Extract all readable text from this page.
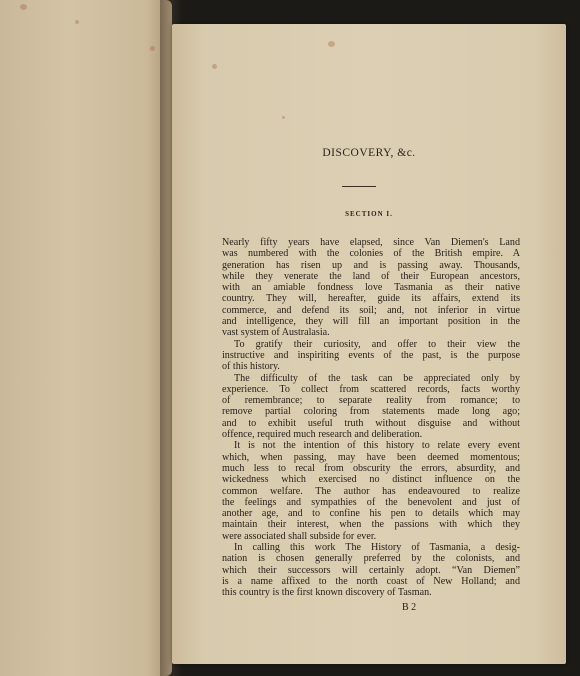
DISCOVERY, &c.
SECTION I.
Nearly fifty years have elapsed, since Van Diemen's Land
was numbered with the colonies of the British empire. A
generation has risen up and is passing away. Thousands,
while they venerate the land of their European ancestors,
with an amiable fondness love Tasmania as their native
country. They will, hereafter, guide its affairs, extend its
commerce, and defend its soil; and, not inferior in virtue
and intelligence, they will fill an important position in the
vast system of Australasia.
To gratify their curiosity, and offer to their view the
instructive and inspiriting events of the past, is the purpose
of this history.
The difficulty of the task can be appreciated only by
experience. To collect from scattered records, facts worthy
of remembrance; to separate reality from romance; to
remove partial coloring from statements made long ago;
and to exhibit useful truth without disguise and without
offence, required much research and deliberation.
It is not the intention of this history to relate every event
which, when passing, may have been deemed momentous;
much less to recal from obscurity the errors, absurdity, and
wickedness which exercised no distinct influence on the
common welfare. The author has endeavoured to realize
the feelings and sympathies of the benevolent and just of
another age, and to confine his pen to details which may
maintain their interest, when the passions with which they
were associated shall subside for ever.
In calling this work The History of Tasmania, a desig-
nation is chosen generally preferred by the colonists, and
which their successors will certainly adopt. “Van Diemen”
is a name affixed to the north coast of New Holland; and
this country is the first known discovery of Tasman.
B 2
